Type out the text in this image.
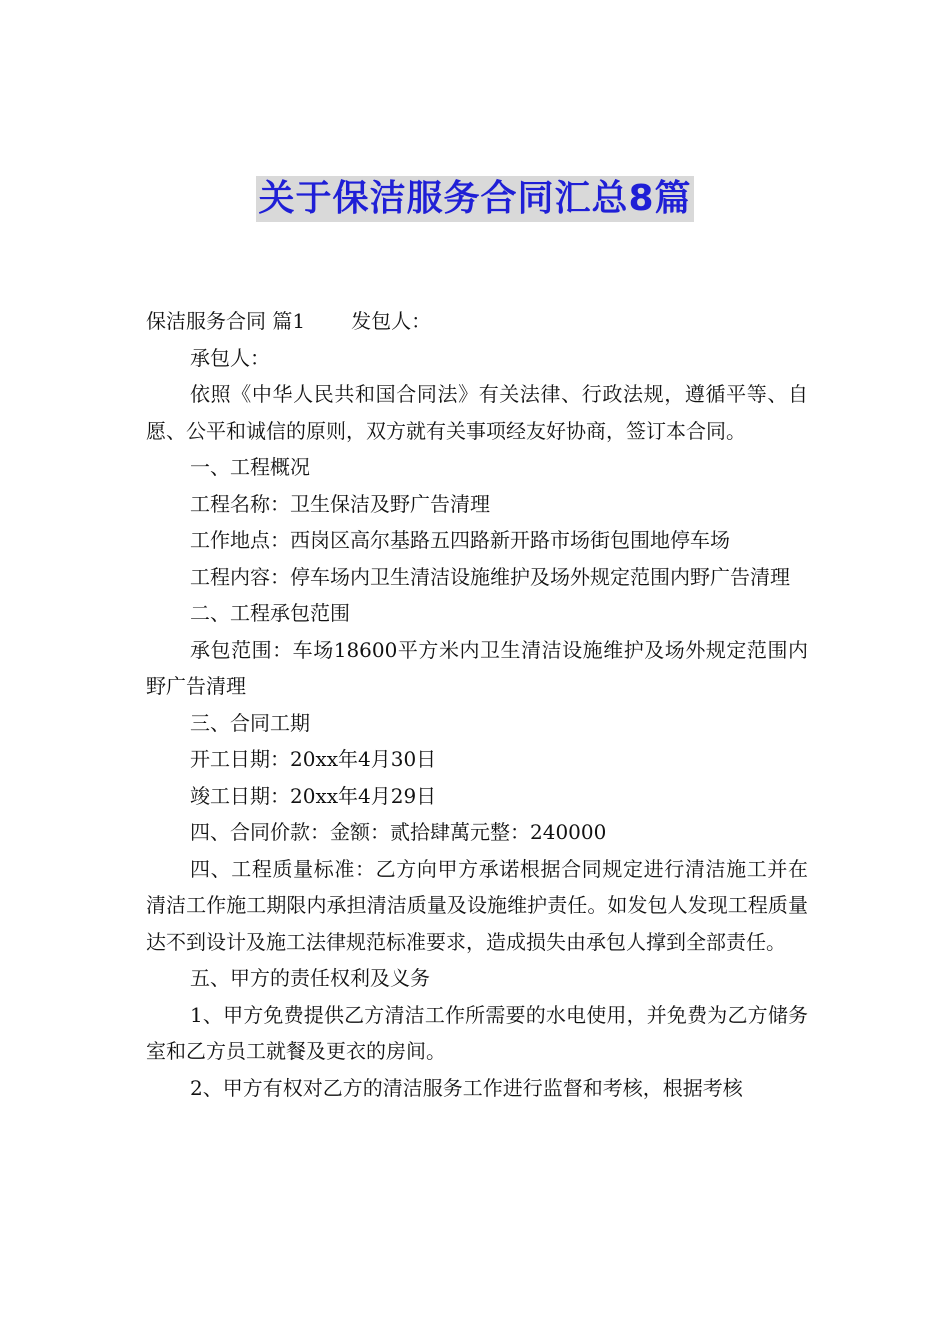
关于保洁服务合同汇总8篇

保洁服务合同 篇1 发包人：

承包人：

依照《中华人民共和国合同法》有关法律、行政法规，遵循平等、自愿、公平和诚信的原则，双方就有关事项经友好协商，签订本合同。

一、工程概况

工程名称：卫生保洁及野广告清理

工作地点：西岗区高尔基路五四路新开路市场街包围地停车场

工程内容：停车场内卫生清洁设施维护及场外规定范围内野广告清理

二、工程承包范围

承包范围：车场18600平方米内卫生清洁设施维护及场外规定范围内野广告清理

三、合同工期

开工日期：20xx年4月30日

竣工日期：20xx年4月29日

四、合同价款：金额：贰拾肆萬元整：240000

四、工程质量标准：乙方向甲方承诺根据合同规定进行清洁施工并在清洁工作施工期限内承担清洁质量及设施维护责任。如发包人发现工程质量达不到设计及施工法律规范标准要求，造成损失由承包人撑到全部责任。

五、甲方的责任权利及义务

1、甲方免费提供乙方清洁工作所需要的水电使用，并免费为乙方储务室和乙方员工就餐及更衣的房间。

2、甲方有权对乙方的清洁服务工作进行监督和考核，根据考核
